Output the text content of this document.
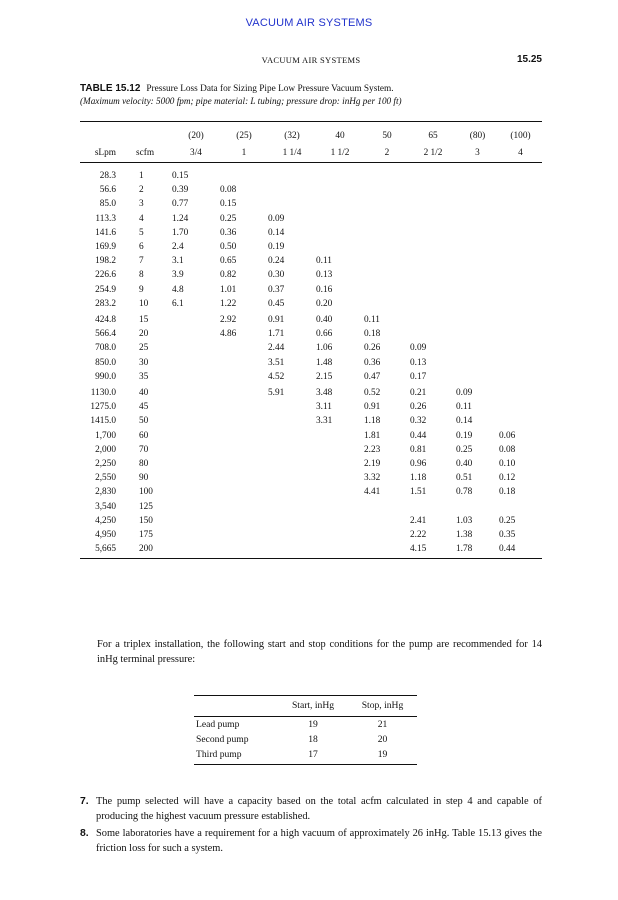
VACUUM AIR SYSTEMS
VACUUM AIR SYSTEMS	15.25
TABLE 15.12 Pressure Loss Data for Sizing Pipe Low Pressure Vacuum System.
(Maximum velocity: 5000 fpm; pipe material: L tubing; pressure drop: inHg per 100 ft)
		(20)	(25)	(32)	40	50	65	(80)	(100)
sLpm	scfm	3/4	1	1 1/4	1 1/2	2	2 1/2	3	4

28.3	1	0.15							
56.6	2	0.39	0.08						
85.0	3	0.77	0.15						
113.3	4	1.24	0.25	0.09					
141.6	5	1.70	0.36	0.14					
169.9	6	2.4	0.50	0.19					
198.2	7	3.1	0.65	0.24	0.11				
226.6	8	3.9	0.82	0.30	0.13				
254.9	9	4.8	1.01	0.37	0.16				
283.2	10	6.1	1.22	0.45	0.20				

424.8	15		2.92	0.91	0.40	0.11			
566.4	20		4.86	1.71	0.66	0.18			
708.0	25			2.44	1.06	0.26	0.09		
850.0	30			3.51	1.48	0.36	0.13		
990.0	35			4.52	2.15	0.47	0.17		

1130.0	40			5.91	3.48	0.52	0.21	0.09	
1275.0	45				3.11	0.91	0.26	0.11	
1415.0	50				3.31	1.18	0.32	0.14	
1,700	60					1.81	0.44	0.19	0.06
2,000	70					2.23	0.81	0.25	0.08
2,250	80					2.19	0.96	0.40	0.10
2,550	90					3.32	1.18	0.51	0.12
2,830	100					4.41	1.51	0.78	0.18
3,540	125								
4,250	150						2.41	1.03	0.25
4,950	175						2.22	1.38	0.35
5,665	200						4.15	1.78	0.44

For a triplex installation, the following start and stop conditions for the pump are recommended for 14 inHg terminal pressure:

	Start, inHg	Stop, inHg
Lead pump	19	21
Second pump	18	20
Third pump	17	19
7. The pump selected will have a capacity based on the total acfm calculated in step 4 and capable of producing the highest vacuum pressure established.
8. Some laboratories have a requirement for a high vacuum of approximately 26 inHg. Table 15.13 gives the friction loss for such a system.
